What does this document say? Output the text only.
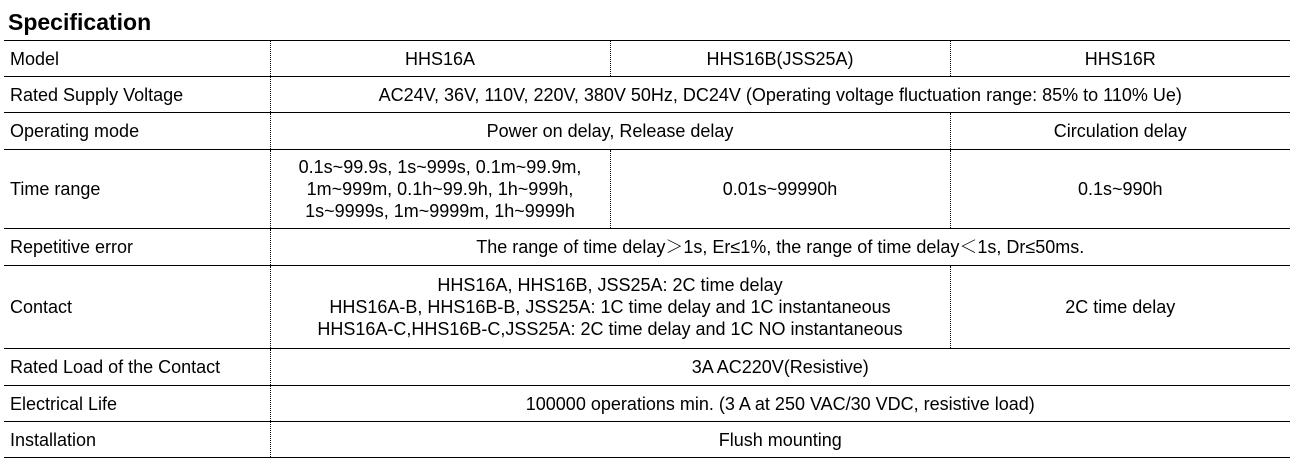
Specification
Model	HHS16A	HHS16B(JSS25A)	HHS16R
Rated Supply Voltage	AC24V, 36V, 110V, 220V, 380V 50Hz, DC24V (Operating voltage fluctuation range: 85% to 110% Ue)		
Operating mode	Power on delay, Release delay		Circulation delay
Time range	0.1s~99.9s, 1s~999s, 0.1m~99.9m,
1m~999m, 0.1h~99.9h, 1h~999h,
1s~9999s, 1m~9999m, 1h~9999h	0.01s~99990h	0.1s~990h
Repetitive error	The range of time delay＞1s, Er≤1%, the range of time delay＜1s, Dr≤50ms.		
Contact	HHS16A, HHS16B, JSS25A: 2C time delay
HHS16A-B, HHS16B-B, JSS25A: 1C time delay and 1C instantaneous
HHS16A-C,HHS16B-C,JSS25A: 2C time delay and 1C NO instantaneous		2C time delay
Rated Load of the Contact	3A AC220V(Resistive)		
Electrical Life	100000 operations min. (3 A at 250 VAC/30 VDC, resistive load)		
Installation	Flush mounting		
